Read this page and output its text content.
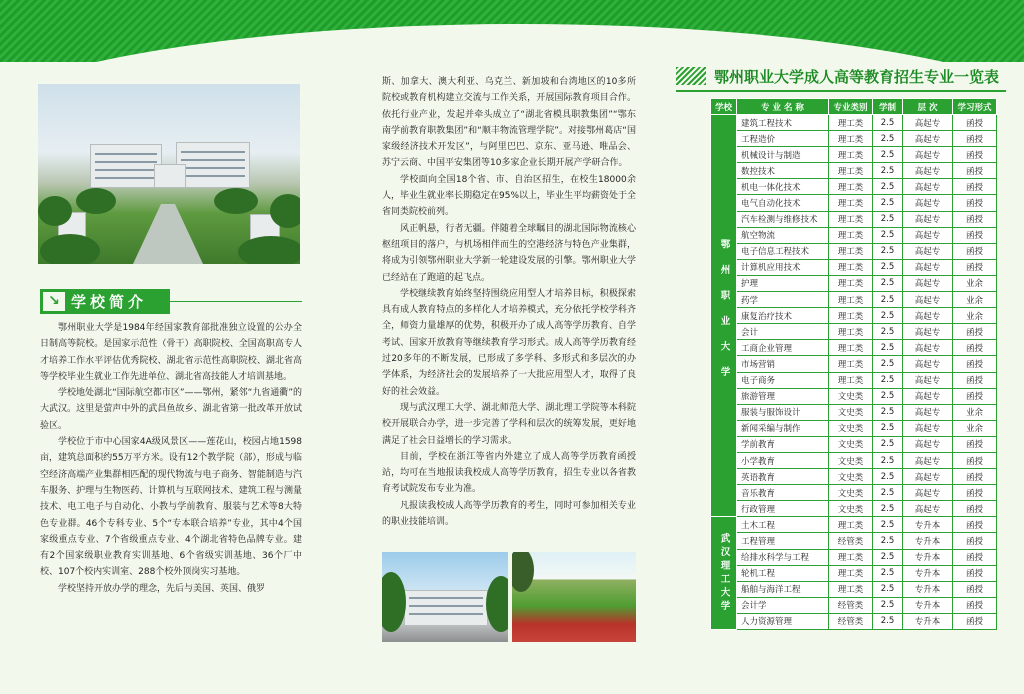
↘ 学校简介

鄂州职业大学是1984年经国家教育部批准独立设置的公办全日制高等院校。是国家示范性（骨干）高职院校、全国高职高专人才培养工作水平评估优秀院校、湖北省示范性高职院校、湖北省高等学校毕业生就业工作先进单位、湖北省高技能人才培训基地。

学校地处湖北“国际航空都市区”——鄂州，紧邻“九省通衢”的大武汉。这里是萤声中外的武昌鱼故乡、湖北省第一批改革开放试验区。

学校位于市中心国家4A级风景区——莲花山，校园占地1598亩，建筑总面积约55万平方米。设有12个教学院（部），形成与临空经济高端产业集群相匹配的现代物流与电子商务、智能制造与汽车服务、护理与生物医药、计算机与互联网技术、建筑工程与测量技术、电工电子与自动化、小教与学前教育、服装与艺术等8大特色专业群。46个专科专业、5个“专本联合培养”专业，其中4个国家级重点专业、7个省级重点专业、4个湖北省特色品牌专业。建有2个国家级职业教育实训基地、6个省级实训基地、36个厂中校、107个校内实训室、288个校外顶岗实习基地。

学校坚持开放办学的理念，先后与美国、英国、俄罗

斯、加拿大、澳大利亚、乌克兰、新加坡和台湾地区的10多所院校或教育机构建立交流与工作关系，开展国际教育项目合作。依托行业产业，发起并牵头成立了“湖北省模具职教集团”“鄂东南学前教育职教集团”和“顺丰物流管理学院”。对接鄂州葛店“国家级经济技术开发区”，与阿里巴巴、京东、亚马逊、唯品会、苏宁云商、中国平安集团等10多家企业长期开展产学研合作。

学校面向全国18个省、市、自治区招生，在校生18000余人，毕业生就业率长期稳定在95%以上，毕业生平均薪资处于全省同类院校前列。

风正帆悬，行者无疆。伴随着全球瞩目的湖北国际物流核心枢纽项目的落户，与机场相伴而生的空港经济与特色产业集群，将成为引领鄂州职业大学新一轮建设发展的引擎。鄂州职业大学已经站在了跑道的起飞点。

学校继续教育始终坚持围绕应用型人才培养目标，积极探索具有成人教育特点的多样化人才培养模式，充分依托学校学科齐全，师资力量雄厚的优势，积极开办了成人高等学历教育、自学考试、国家开放教育等继续教育学习形式。成人高等学历教育经过20多年的不断发展，已形成了多学科、多形式和多层次的办学体系，为经济社会的发展培养了一大批应用型人才，取得了良好的社会效益。

现与武汉理工大学、湖北师范大学、湖北理工学院等本科院校开展联合办学，进一步完善了学科和层次的统筹发展，更好地满足了社会日益增长的学习需求。

目前，学校在浙江等省内外建立了成人高等学历教育函授站，均可在当地报读我校成人高等学历教育，招生专业以各省教育考试院发布专业为准。

凡报读我校成人高等学历教育的考生，同时可参加相关专业的职业技能培训。

鄂州职业大学成人高等教育招生专业一览表
学校	专 业 名 称	专业类别	学制	层 次	学习形式
鄂州职业大学	建筑工程技术	理工类	2.5	高起专	函授
	工程造价	理工类	2.5	高起专	函授
	机械设计与制造	理工类	2.5	高起专	函授
	数控技术	理工类	2.5	高起专	函授
	机电一体化技术	理工类	2.5	高起专	函授
	电气自动化技术	理工类	2.5	高起专	函授
	汽车检测与维修技术	理工类	2.5	高起专	函授
	航空物流	理工类	2.5	高起专	函授
	电子信息工程技术	理工类	2.5	高起专	函授
	计算机应用技术	理工类	2.5	高起专	函授
	护理	理工类	2.5	高起专	业余
	药学	理工类	2.5	高起专	业余
	康复治疗技术	理工类	2.5	高起专	业余
	会计	理工类	2.5	高起专	函授
	工商企业管理	理工类	2.5	高起专	函授
	市场营销	理工类	2.5	高起专	函授
	电子商务	理工类	2.5	高起专	函授
	旅游管理	文史类	2.5	高起专	函授
	服装与服饰设计	文史类	2.5	高起专	业余
	新闻采编与制作	文史类	2.5	高起专	业余
	学前教育	文史类	2.5	高起专	函授
	小学教育	文史类	2.5	高起专	函授
	英语教育	文史类	2.5	高起专	函授
	音乐教育	文史类	2.5	高起专	函授
	行政管理	文史类	2.5	高起专	函授
武汉理工大学	土木工程	理工类	2.5	专升本	函授
	工程管理	经管类	2.5	专升本	函授
	给排水科学与工程	理工类	2.5	专升本	函授
	轮机工程	理工类	2.5	专升本	函授
	船舶与海洋工程	理工类	2.5	专升本	函授
	会计学	经管类	2.5	专升本	函授
	人力资源管理	经管类	2.5	专升本	函授
